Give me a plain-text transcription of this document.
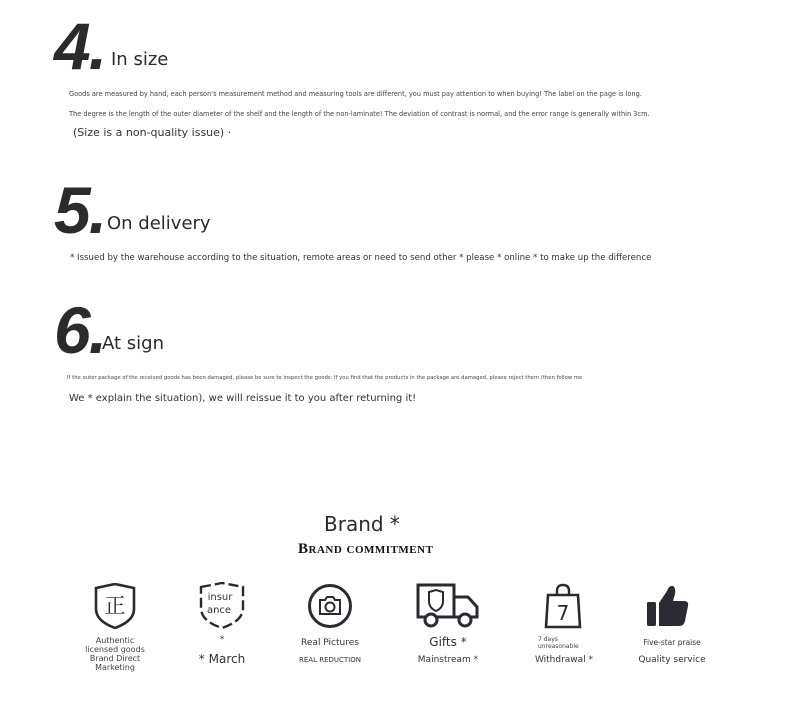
4. In size
Goods are measured by hand, each person's measurement method and measuring tools are different, you must pay attention to when buying! The label on the page is long.
The degree is the length of the outer diameter of the shelf and the length of the non-laminate! The deviation of contrast is normal, and the error range is generally within 3cm.
(Size is a non-quality issue) ·
5. On delivery
* Issued by the warehouse according to the situation, remote areas or need to send other * please * online * to make up the difference
6.
At sign
If the outer package of the received goods has been damaged, please be sure to inspect the goods: If you find that the products in the package are damaged, please reject them (then follow me
We * explain the situation), we will reissue it to you after returning it!
Brand *
Brand commitment
正
Authentic
licensed goods
Brand Direct
Marketing
insur
ance
*
* March
Real Pictures
REAL REDUCTION
Gifts *
Mainstream *
7
7 days
unreasonable
Withdrawal *
Five-star praise
Quality service
